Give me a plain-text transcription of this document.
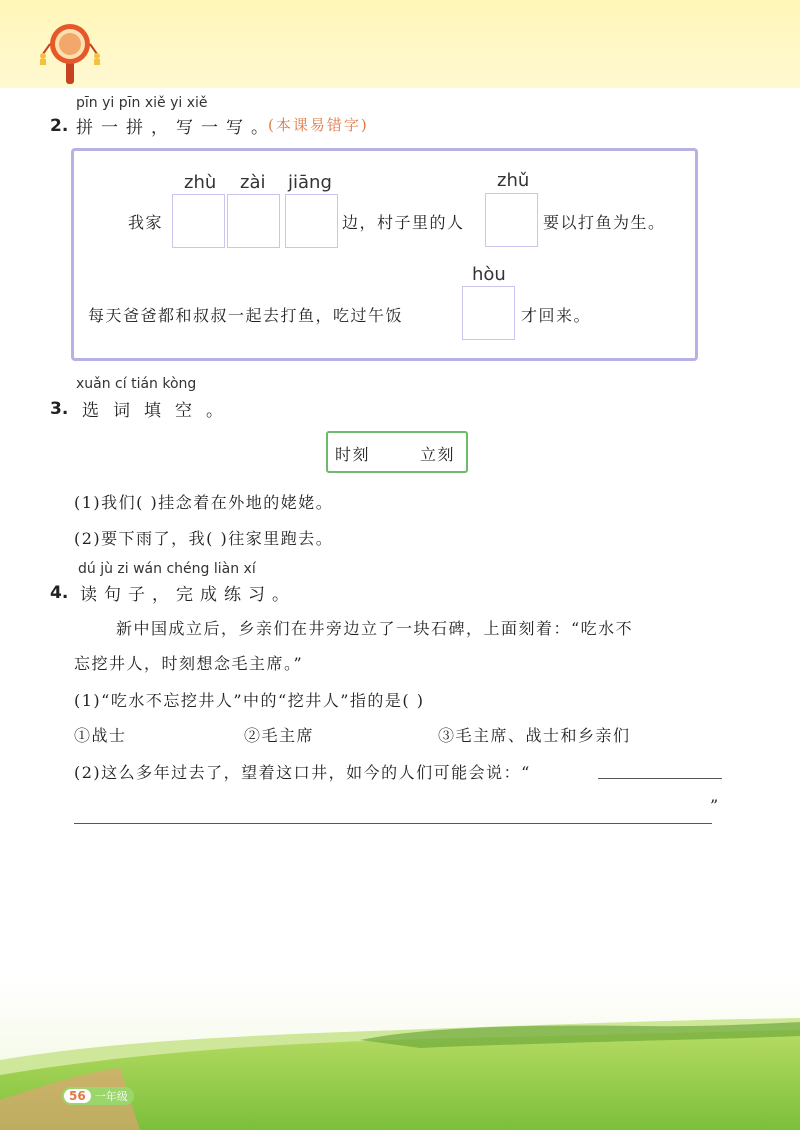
pīn yi pīn xiě yi xiě
2. 拼一拼，写一写。
(本课易错字)
zhù zài jiāng	zhǔ
我家	边，村子里的人	要以打鱼为生。
hòu
每天爸爸都和叔叔一起去打鱼，吃过午饭	才回来。
xuǎn cí tián kòng
3. 选词填空。
时刻	立刻
(1)我们( )挂念着在外地的姥姥。
(2)要下雨了，我( )往家里跑去。
dú jù zi wán chéng liàn xí
4. 读句子，完成练习。
新中国成立后，乡亲们在井旁边立了一块石碑，上面刻着：“吃水不
忘挖井人，时刻想念毛主席。”
(1)“吃水不忘挖井人”中的“挖井人”指的是( )
①战士	②毛主席	③毛主席、战士和乡亲们
(2)这么多年过去了，望着这口井，如今的人们可能会说：“
”
56 一年级
